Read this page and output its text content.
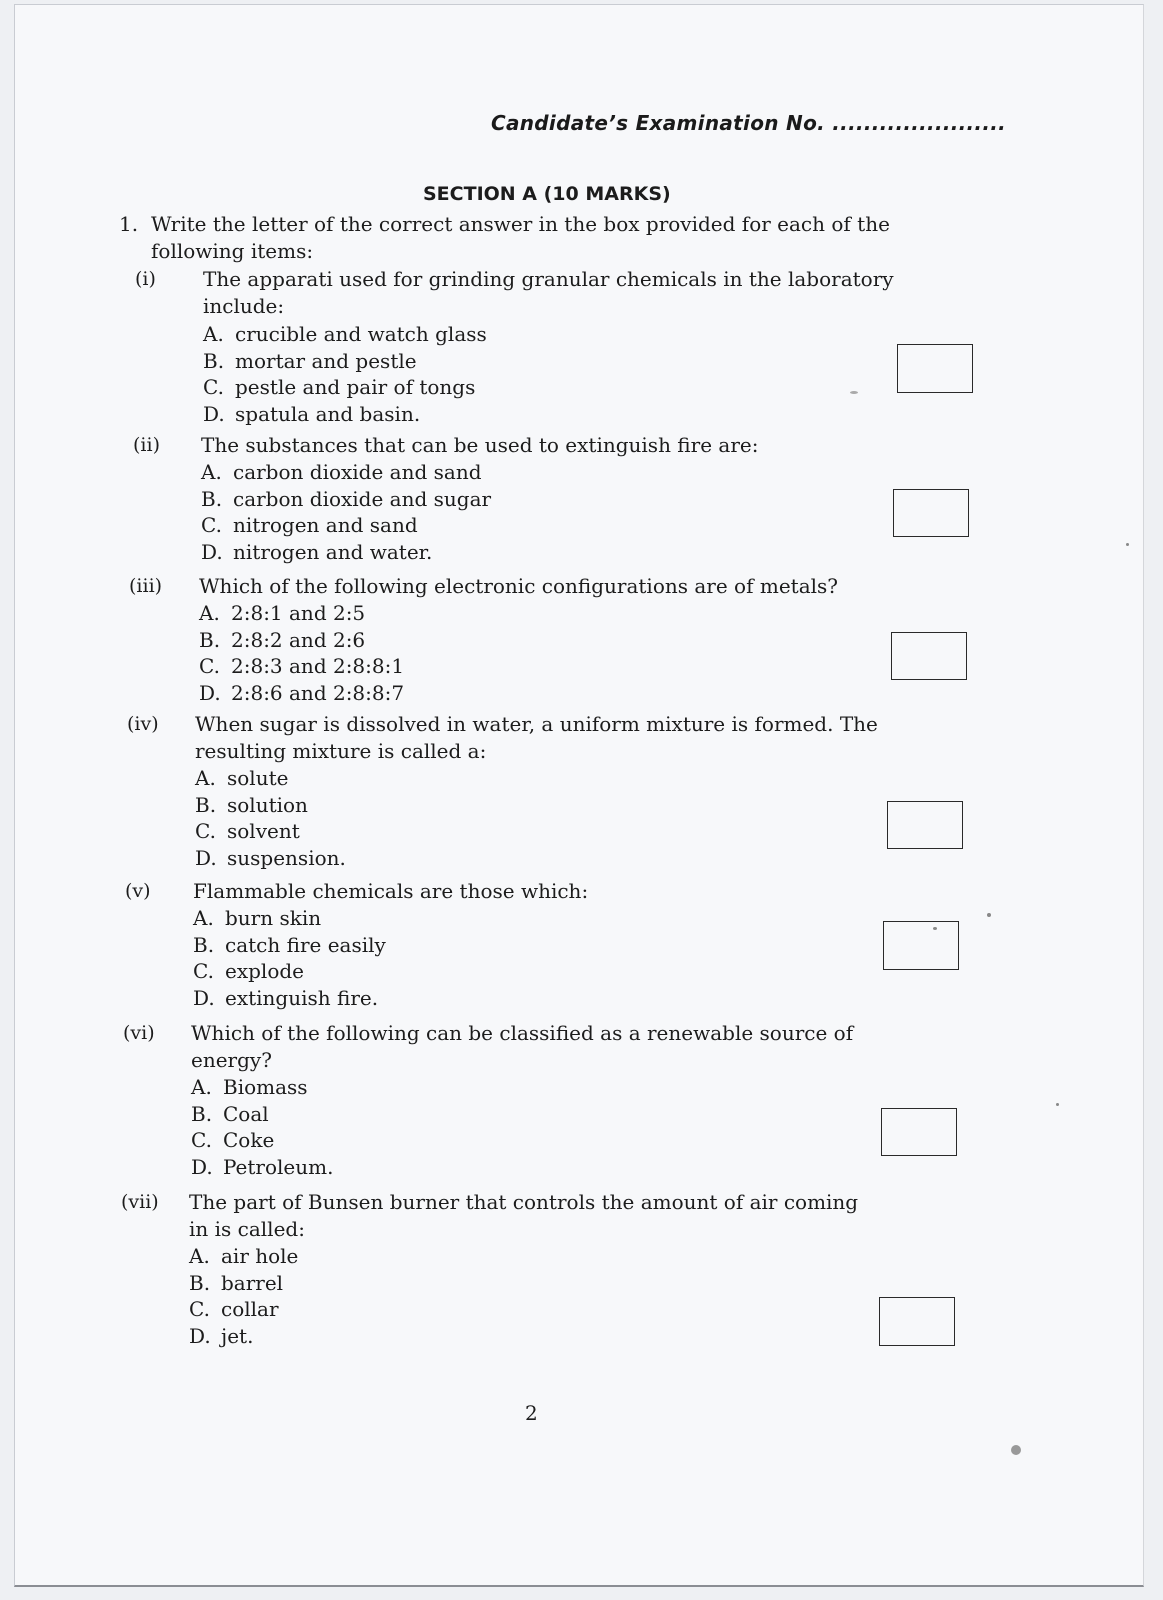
Candidate’s Examination No. ......................
SECTION A (10 MARKS)
1. Write the letter of the correct answer in the box provided for each of the following items:
(i) The apparati used for grinding granular chemicals in the laboratory include:
A. crucible and watch glass
B. mortar and pestle
C. pestle and pair of tongs
D. spatula and basin.
(ii) The substances that can be used to extinguish fire are:
A. carbon dioxide and sand
B. carbon dioxide and sugar
C. nitrogen and sand
D. nitrogen and water.
(iii) Which of the following electronic configurations are of metals?
A. 2:8:1 and 2:5
B. 2:8:2 and 2:6
C. 2:8:3 and 2:8:8:1
D. 2:8:6 and 2:8:8:7
(iv) When sugar is dissolved in water, a uniform mixture is formed. The resulting mixture is called a:
A. solute
B. solution
C. solvent
D. suspension.
(v) Flammable chemicals are those which:
A. burn skin
B. catch fire easily
C. explode
D. extinguish fire.
(vi) Which of the following can be classified as a renewable source of energy?
A. Biomass
B. Coal
C. Coke
D. Petroleum.
(vii) The part of Bunsen burner that controls the amount of air coming in is called:
A. air hole
B. barrel
C. collar
D. jet.
2
